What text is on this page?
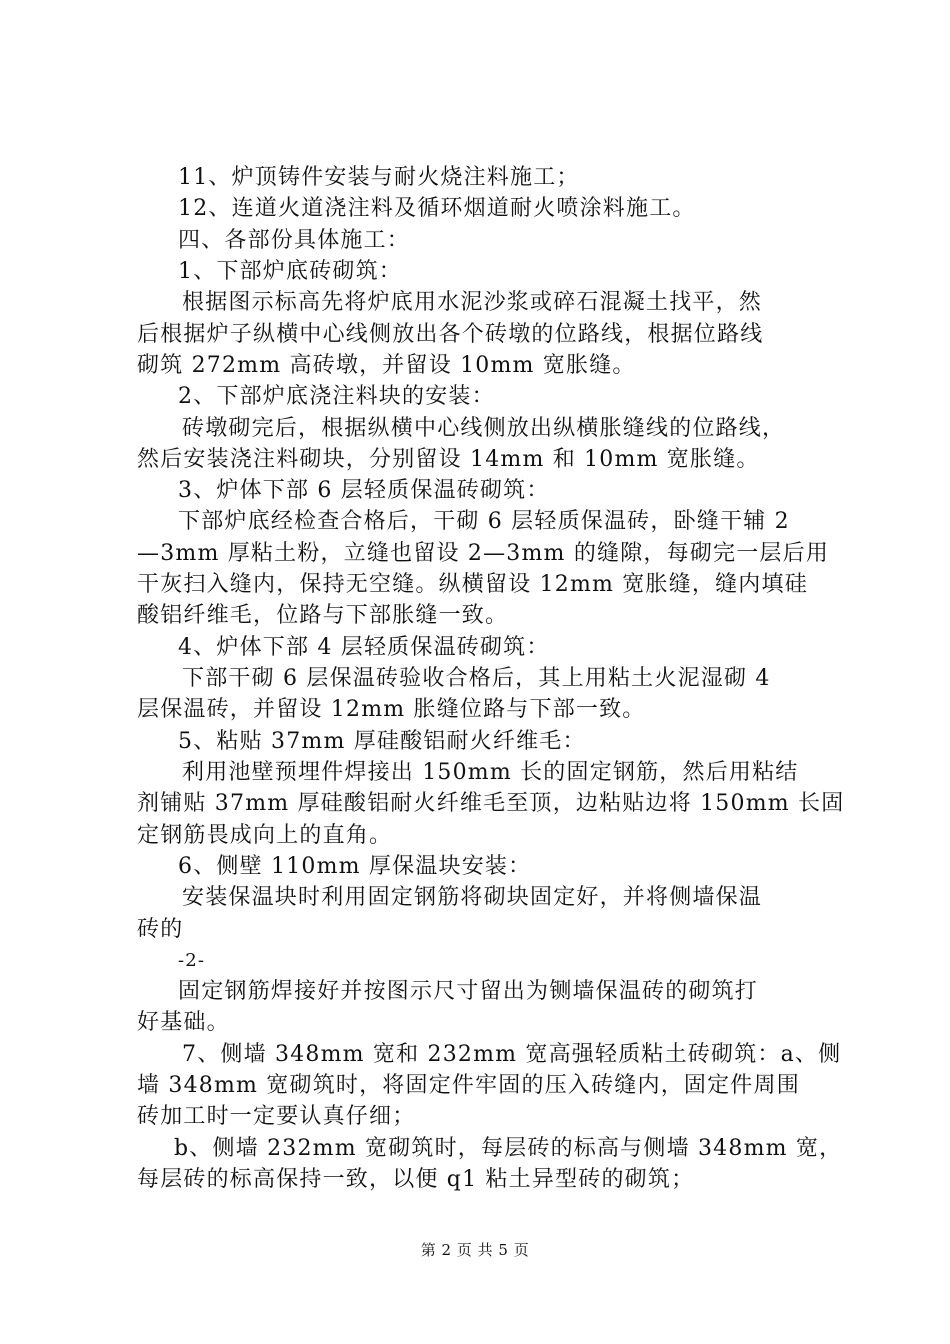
11、炉顶铸件安装与耐火烧注料施工；
12、连道火道浇注料及循环烟道耐火喷涂料施工。
四、各部份具体施工：
1、下部炉底砖砌筑：
根据图示标高先将炉底用水泥沙浆或碎石混凝土找平，然
后根据炉子纵横中心线侧放出各个砖墩的位路线，根据位路线
砌筑 272mm 高砖墩，并留设 10mm 宽胀缝。
2、下部炉底浇注料块的安装：
砖墩砌完后，根据纵横中心线侧放出纵横胀缝线的位路线，
然后安装浇注料砌块，分别留设 14mm 和 10mm 宽胀缝。
3、炉体下部 6 层轻质保温砖砌筑：
下部炉底经检查合格后，干砌 6 层轻质保温砖，卧缝干辅 2
—3mm 厚粘土粉，立缝也留设 2—3mm 的缝隙，每砌完一层后用
干灰扫入缝内，保持无空缝。纵横留设 12mm 宽胀缝，缝内填硅
酸铝纤维毛，位路与下部胀缝一致。
4、炉体下部 4 层轻质保温砖砌筑：
下部干砌 6 层保温砖验收合格后，其上用粘土火泥湿砌 4
层保温砖，并留设 12mm 胀缝位路与下部一致。
5、粘贴 37mm 厚硅酸铝耐火纤维毛：
利用池壁预埋件焊接出 150mm 长的固定钢筋，然后用粘结
剂铺贴 37mm 厚硅酸铝耐火纤维毛至顶，边粘贴边将 150mm 长固
定钢筋畏成向上的直角。
6、侧壁 110mm 厚保温块安装：
安装保温块时利用固定钢筋将砌块固定好，并将侧墙保温
砖的
-2-
固定钢筋焊接好并按图示尺寸留出为铡墙保温砖的砌筑打
好基础。
7、侧墙 348mm 宽和 232mm 宽高强轻质粘土砖砌筑：a、侧
墙 348mm 宽砌筑时，将固定件牢固的压入砖缝内，固定件周围
砖加工时一定要认真仔细；
b、侧墙 232mm 宽砌筑时，每层砖的标高与侧墙 348mm 宽，
每层砖的标高保持一致，以便 q1 粘土异型砖的砌筑；
第 2 页 共 5 页
